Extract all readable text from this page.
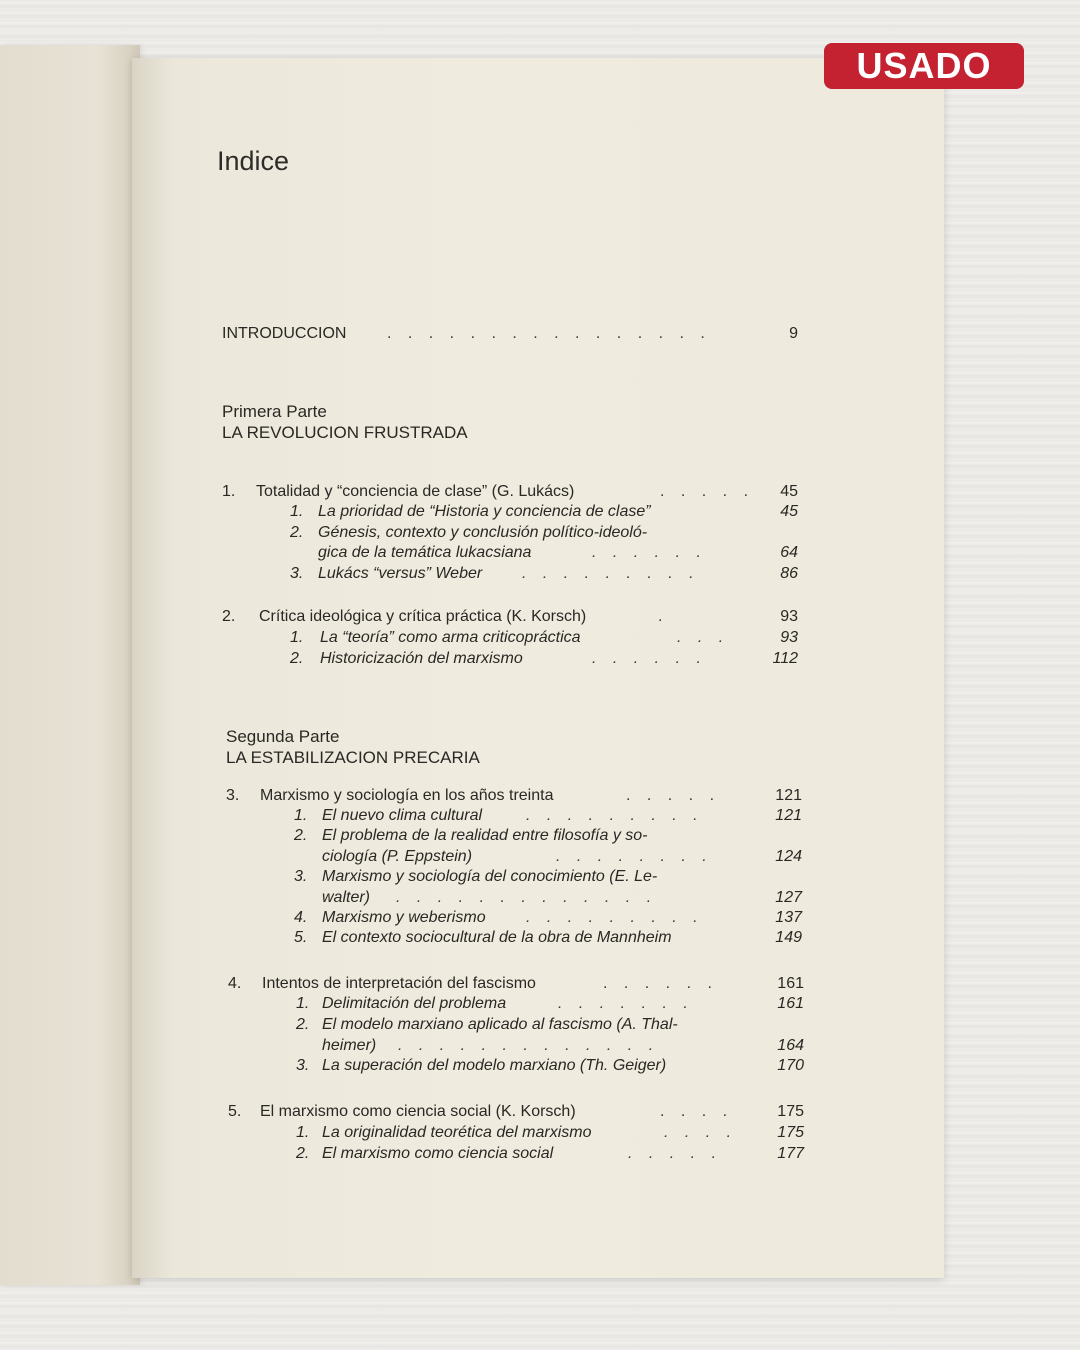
USADO
Indice
INTRODUCCION	. . . . . . . . . . . . . . . .	9
Primera Parte
LA REVOLUCION FRUSTRADA
1. Totalidad y “conciencia de clase” (G. Lukács)	. . . . . 45
1. La prioridad de “Historia y conciencia de clase”	45
2. Génesis, contexto y conclusión político-ideoló-
gica de la temática lukacsiana	. . . . . .	64
3. Lukács “versus” Weber . . . . . . . . .	86
2. Crítica ideológica y crítica práctica (K. Korsch)	.	93
1. La “teoría” como arma criticopráctica	. . .	93
2. Historicización del marxismo	. . . . . .	112
Segunda Parte
LA ESTABILIZACION PRECARIA
3. Marxismo y sociología en los años treinta	. . . . .	121
1. El nuevo clima cultural	. . . . . . . . .	121
2. El problema de la realidad entre filosofía y so-
ciología (P. Eppstein)	. . . . . . . .	124
3. Marxismo y sociología del conocimiento (E. Le-
walter) . . . . . . . . . . . . .	127
4. Marxismo y weberismo	. . . . . . . . .	137
5. El contexto sociocultural de la obra de Mannheim	149
4. Intentos de interpretación del fascismo	. . . . . .	161
1. Delimitación del problema	. . . . . . .	161
2. El modelo marxiano aplicado al fascismo (A. Thal-
heimer) . . . . . . . . . . . . .	164
3. La superación del modelo marxiano (Th. Geiger)	170
5. El marxismo como ciencia social (K. Korsch)	. . . .	175
1. La originalidad teorética del marxismo	. . . .	175
2. El marxismo como ciencia social	. . . . .	177
